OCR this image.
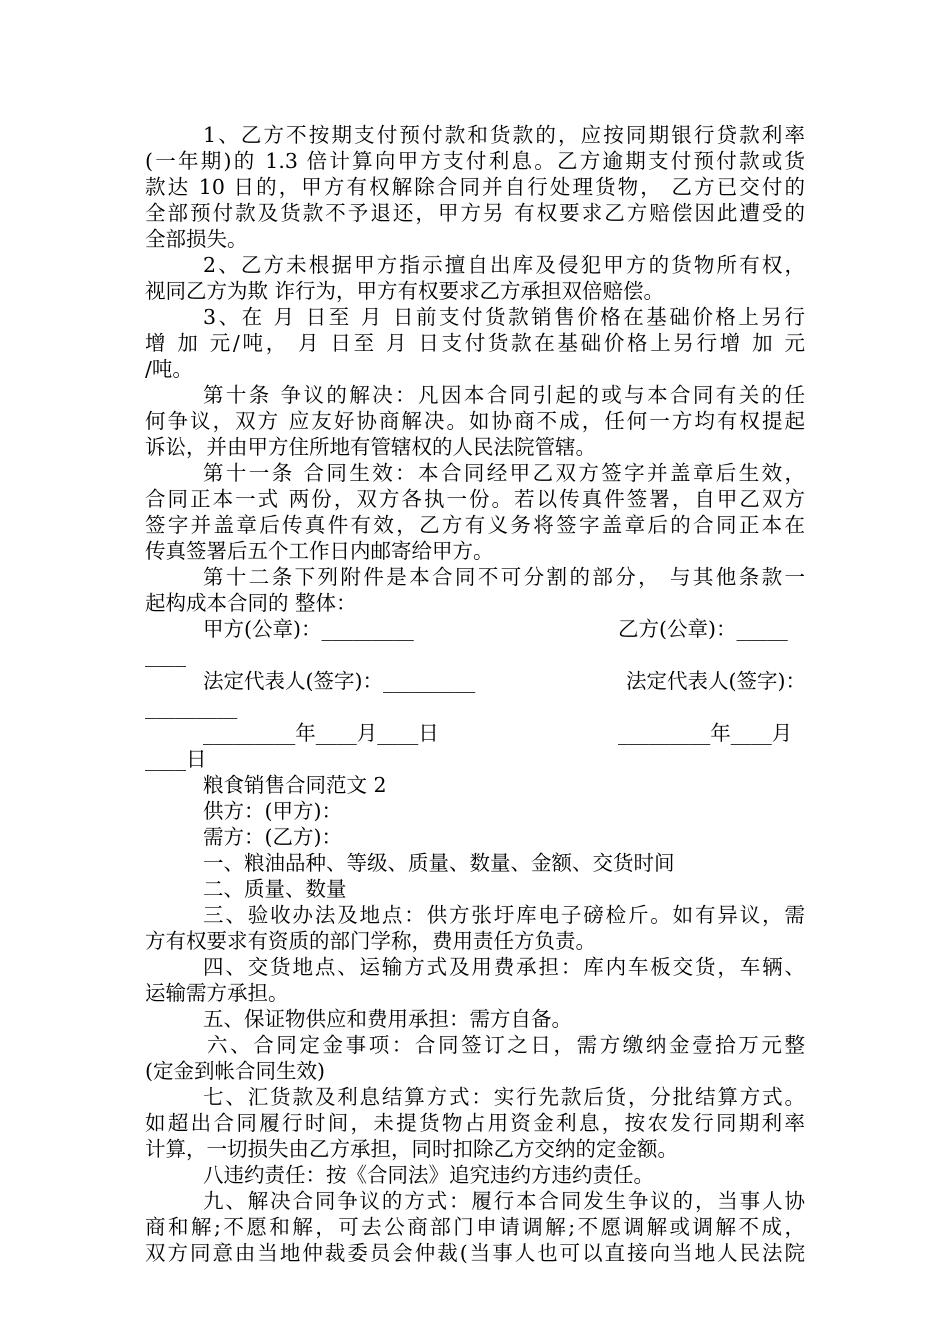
1、乙方不按期支付预付款和货款的，应按同期银行贷款利率
(一年期)的 1.3 倍计算向甲方支付利息。乙方逾期支付预付款或货
款达 10 日的，甲方有权解除合同并自行处理货物， 乙方已交付的
全部预付款及货款不予退还，甲方另 有权要求乙方赔偿因此遭受的
全部损失。
2、乙方未根据甲方指示擅自出库及侵犯甲方的货物所有权，
视同乙方为欺 诈行为，甲方有权要求乙方承担双倍赔偿。
3、在 月 日至 月 日前支付货款销售价格在基础价格上另行
增 加 元/吨， 月 日至 月 日支付货款在基础价格上另行增 加 元
/吨。
第十条 争议的解决：凡因本合同引起的或与本合同有关的任
何争议，双方 应友好协商解决。如协商不成，任何一方均有权提起
诉讼，并由甲方住所地有管辖权的人民法院管辖。
第十一条 合同生效：本合同经甲乙双方签字并盖章后生效，
合同正本一式 两份，双方各执一份。若以传真件签署，自甲乙双方
签字并盖章后传真件有效，乙方有义务将签字盖章后的合同正本在
传真签署后五个工作日内邮寄给甲方。
第十二条下列附件是本合同不可分割的部分， 与其他条款一
起构成本合同的 整体：
甲方(公章)：_________	乙方(公章)：_____
____
法定代表人(签字)：_________	法定代表人(签字)：
_________
_________年____月____日	_________年____月
____日
粮食销售合同范文 2
供方：(甲方)：
需方：(乙方)：
一、粮油品种、等级、质量、数量、金额、交货时间
二、质量、数量
三、验收办法及地点：供方张圩库电子磅检斤。如有异议，需
方有权要求有资质的部门学称，费用责任方负责。
四、交货地点、运输方式及用费承担：库内车板交货，车辆、
运输需方承担。
五、保证物供应和费用承担：需方自备。
六、合同定金事项：合同签订之日，需方缴纳金壹拾万元整
(定金到帐合同生效)
七、汇货款及利息结算方式：实行先款后货，分批结算方式。
如超出合同履行时间，未提货物占用资金利息，按农发行同期利率
计算，一切损失由乙方承担，同时扣除乙方交纳的定金额。
八违约责任：按《合同法》追究违约方违约责任。
九、解决合同争议的方式：履行本合同发生争议的，当事人协
商和解;不愿和解，可去公商部门申请调解;不愿调解或调解不成，
双方同意由当地仲裁委员会仲裁(当事人也可以直接向当地人民法院
